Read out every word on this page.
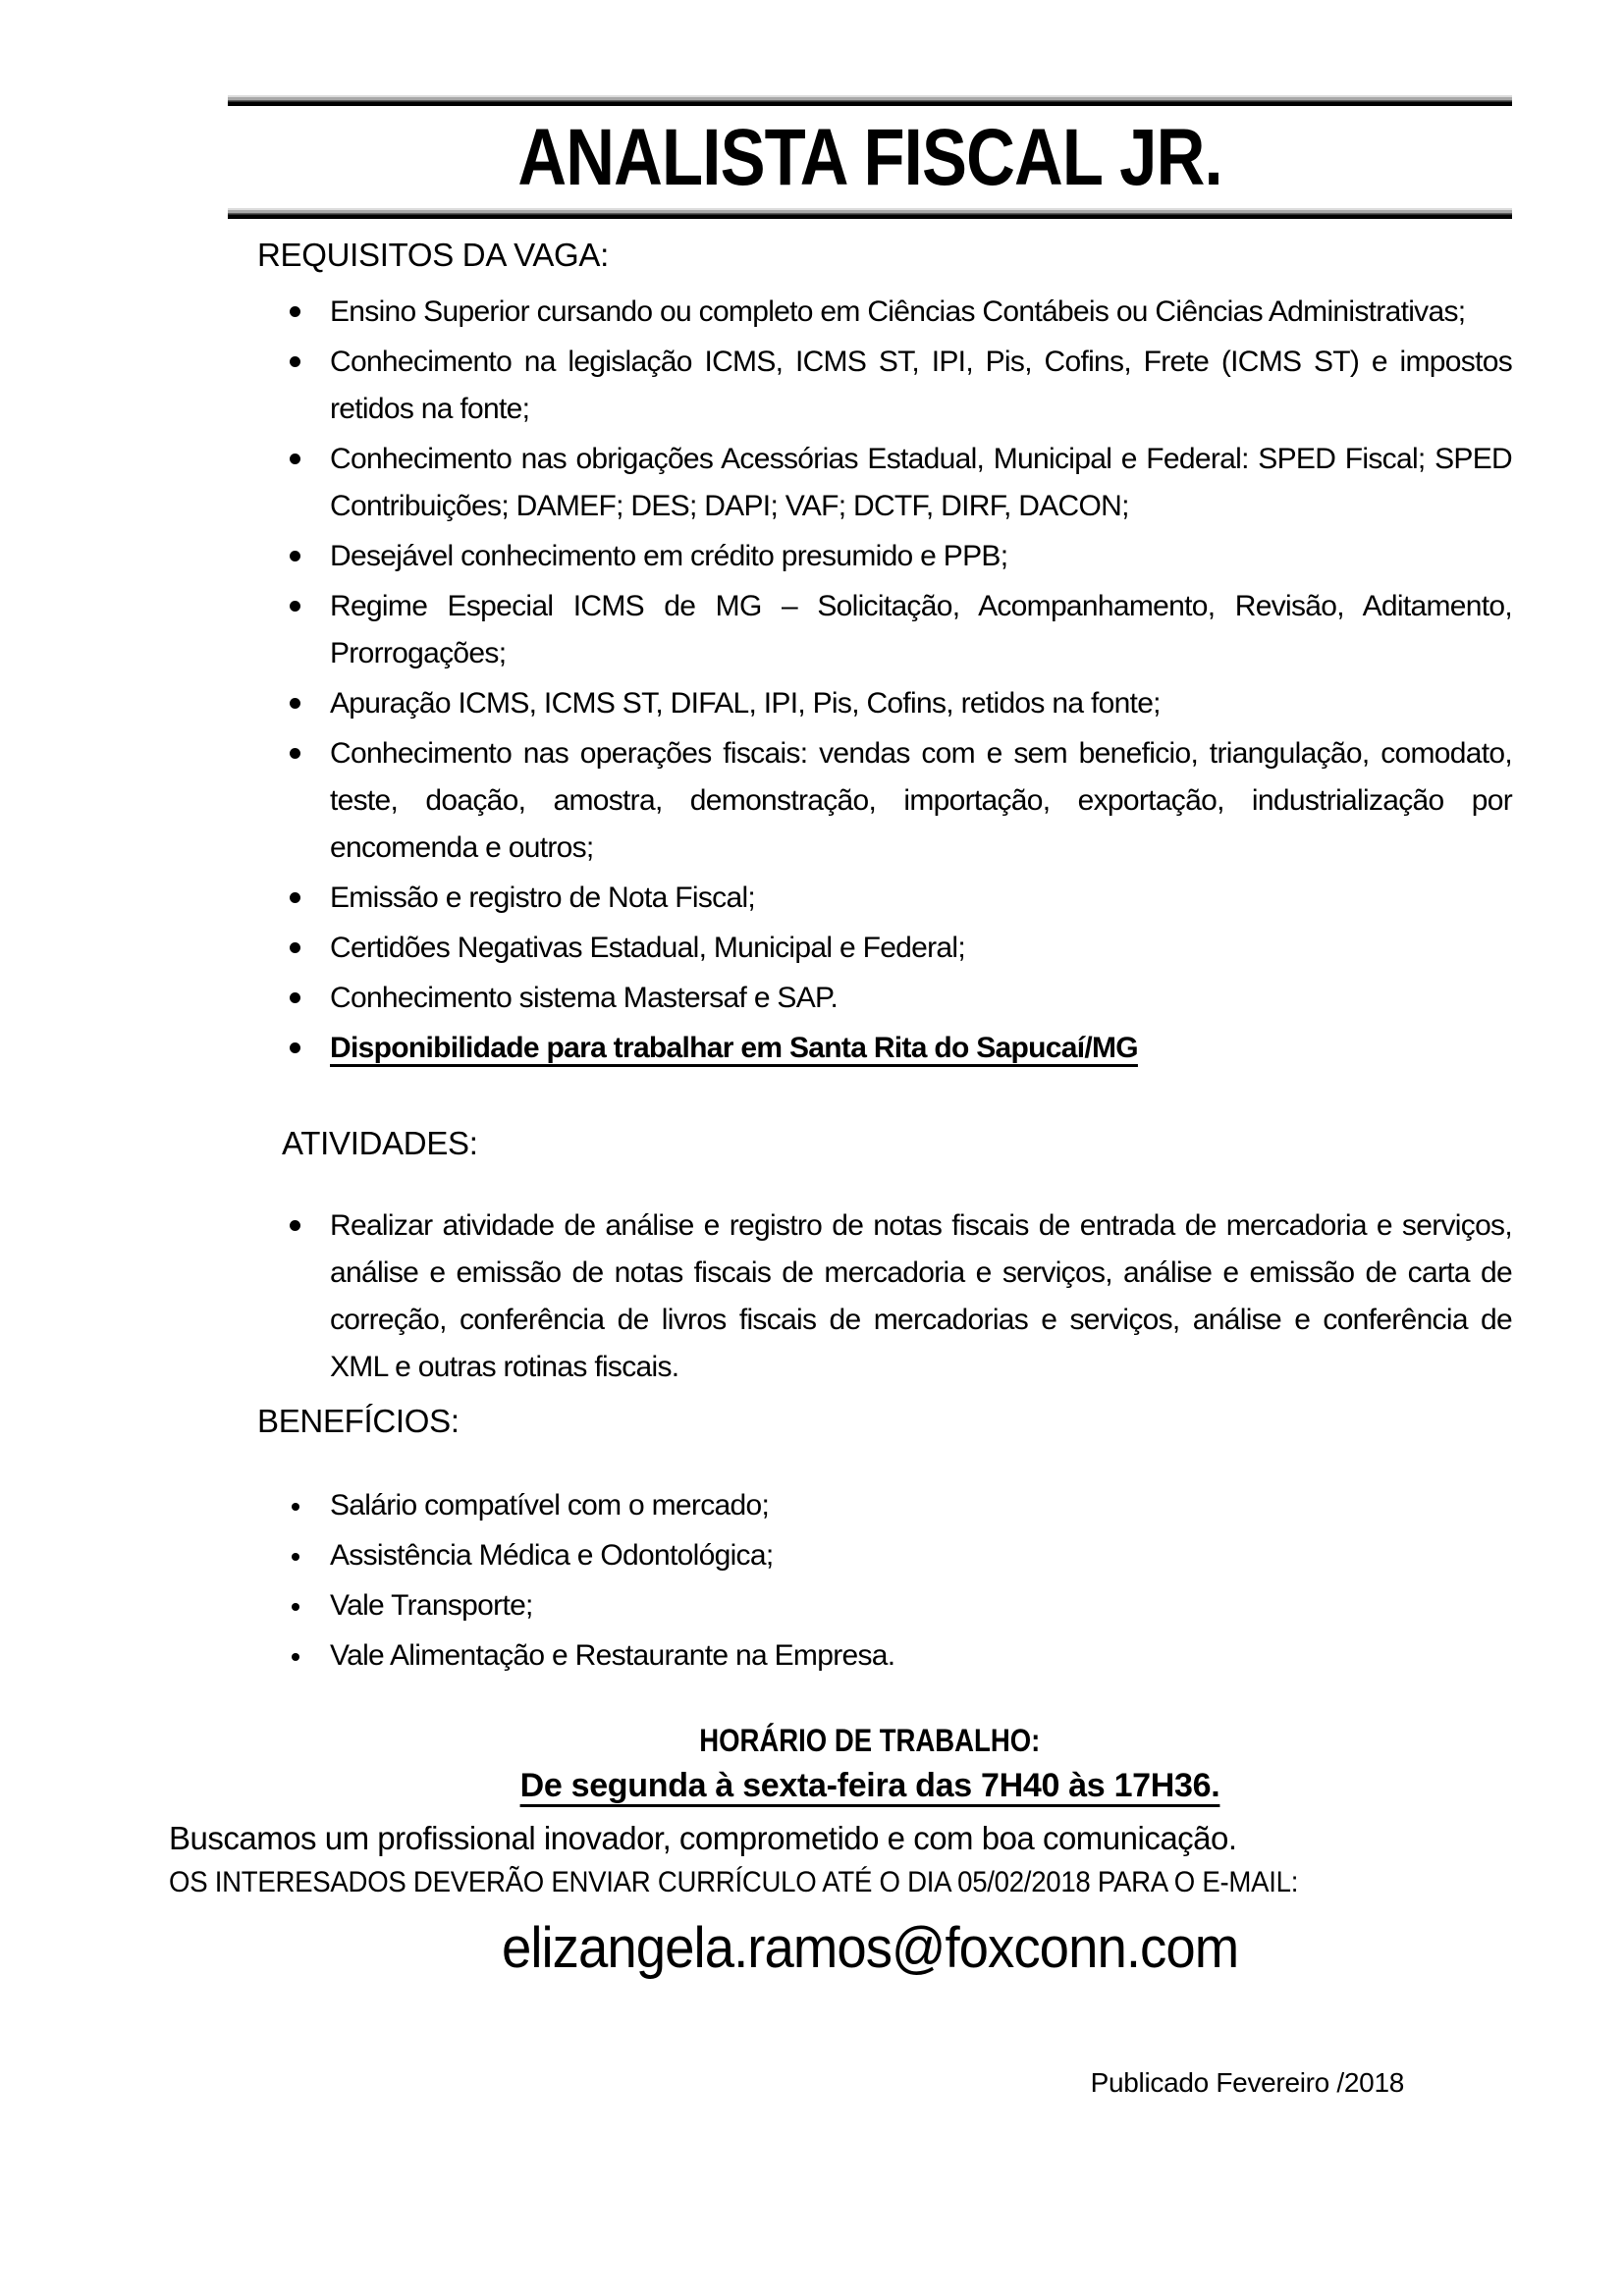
ANALISTA FISCAL JR.
REQUISITOS DA VAGA:
Ensino Superior cursando ou completo em Ciências Contábeis ou Ciências Administrativas;
Conhecimento na legislação ICMS, ICMS ST, IPI, Pis, Cofins, Frete (ICMS ST) e impostos retidos na fonte;
Conhecimento nas obrigações Acessórias Estadual, Municipal e Federal: SPED Fiscal; SPED Contribuições; DAMEF; DES; DAPI; VAF; DCTF, DIRF, DACON;
Desejável conhecimento em crédito presumido e PPB;
Regime Especial ICMS de MG – Solicitação, Acompanhamento, Revisão, Aditamento, Prorrogações;
Apuração ICMS, ICMS ST, DIFAL, IPI, Pis, Cofins, retidos na fonte;
Conhecimento nas operações fiscais: vendas com e sem beneficio, triangulação, comodato, teste, doação, amostra, demonstração, importação, exportação, industrialização por encomenda e outros;
Emissão e registro de Nota Fiscal;
Certidões Negativas Estadual, Municipal e Federal;
Conhecimento sistema Mastersaf e SAP.
Disponibilidade para trabalhar em Santa Rita do Sapucaí/MG
ATIVIDADES:
Realizar atividade de análise e registro de notas fiscais de entrada de mercadoria e serviços, análise e emissão de notas fiscais de mercadoria e serviços, análise e emissão de carta de correção, conferência de livros fiscais de mercadorias e serviços, análise e conferência de XML e outras rotinas fiscais.
BENEFÍCIOS:
Salário compatível com o mercado;
Assistência Médica e Odontológica;
Vale Transporte;
Vale Alimentação e Restaurante na Empresa.
HORÁRIO DE TRABALHO:
De segunda à sexta-feira das 7H40 às 17H36.
Buscamos um profissional inovador, comprometido e com boa comunicação.
OS INTERESADOS DEVERÃO ENVIAR CURRÍCULO ATÉ O DIA 05/02/2018 PARA O E-MAIL:
elizangela.ramos@foxconn.com
Publicado Fevereiro /2018
